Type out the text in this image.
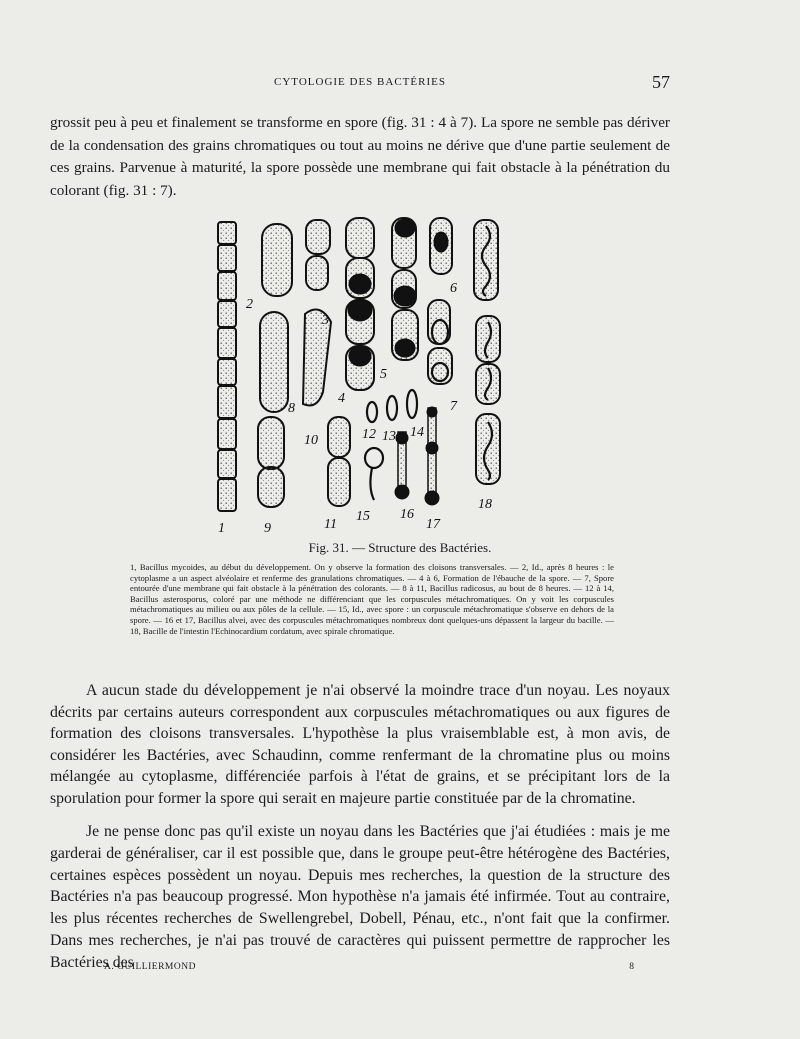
CYTOLOGIE DES BACTÉRIES	57

grossit peu à peu et finalement se transforme en spore (fig. 31 : 4 à 7). La spore ne semble pas dériver de la condensation des grains chromatiques ou tout au moins ne dérive que d'une partie seulement de ces grains. Parvenue à maturité, la spore possède une membrane qui fait obstacle à la pénétration du colorant (fig. 31 : 7).

1
2
3
4
5
6
7
8
9
10
11
12 13 14
15 16
17
18
Fig. 31. — Structure des Bactéries.

1, Bacillus mycoides, au début du développement. On y observe la formation des cloisons transversales. — 2, Id., après 8 heures : le cytoplasme a un aspect alvéolaire et renferme des granulations chromatiques. — 4 à 6, Formation de l'ébauche de la spore. — 7, Spore entourée d'une membrane qui fait obstacle à la pénétration des colorants. — 8 à 11, Bacillus radicosus, au bout de 8 heures. — 12 à 14, Bacillus asterosporus, coloré par une méthode ne différenciant que les corpuscules métachromatiques. On y voit les corpuscules métachromatiques au milieu ou aux pôles de la cellule. — 15, Id., avec spore : un corpuscule métachromatique s'observe en dehors de la spore. — 16 et 17, Bacillus alvei, avec des corpuscules métachromatiques nombreux dont quelques-uns dépassent la largeur du bacille. — 18, Bacille de l'intestin l'Echinocardium cordatum, avec spirale chromatique.

A aucun stade du développement je n'ai observé la moindre trace d'un noyau. Les noyaux décrits par certains auteurs correspondent aux corpuscules métachromatiques ou aux figures de formation des cloisons transversales. L'hypothèse la plus vraisemblable est, à mon avis, de considérer les Bactéries, avec Schaudinn, comme renfermant de la chromatine plus ou moins mélangée au cytoplasme, différenciée parfois à l'état de grains, et se précipitant lors de la sporulation pour former la spore qui serait en majeure partie constituée par de la chromatine.

Je ne pense donc pas qu'il existe un noyau dans les Bactéries que j'ai étudiées : mais je me garderai de généraliser, car il est possible que, dans le groupe peut-être hétérogène des Bactéries, certaines espèces possèdent un noyau. Depuis mes recherches, la question de la structure des Bactéries n'a pas beaucoup progressé. Mon hypothèse n'a jamais été infirmée. Tout au contraire, les plus récentes recherches de Swellengrebel, Dobell, Pénau, etc., n'ont fait que la confirmer. Dans mes recherches, je n'ai pas trouvé de caractères qui puissent permettre de rapprocher les Bactéries des

A. GUILLIERMOND	8
